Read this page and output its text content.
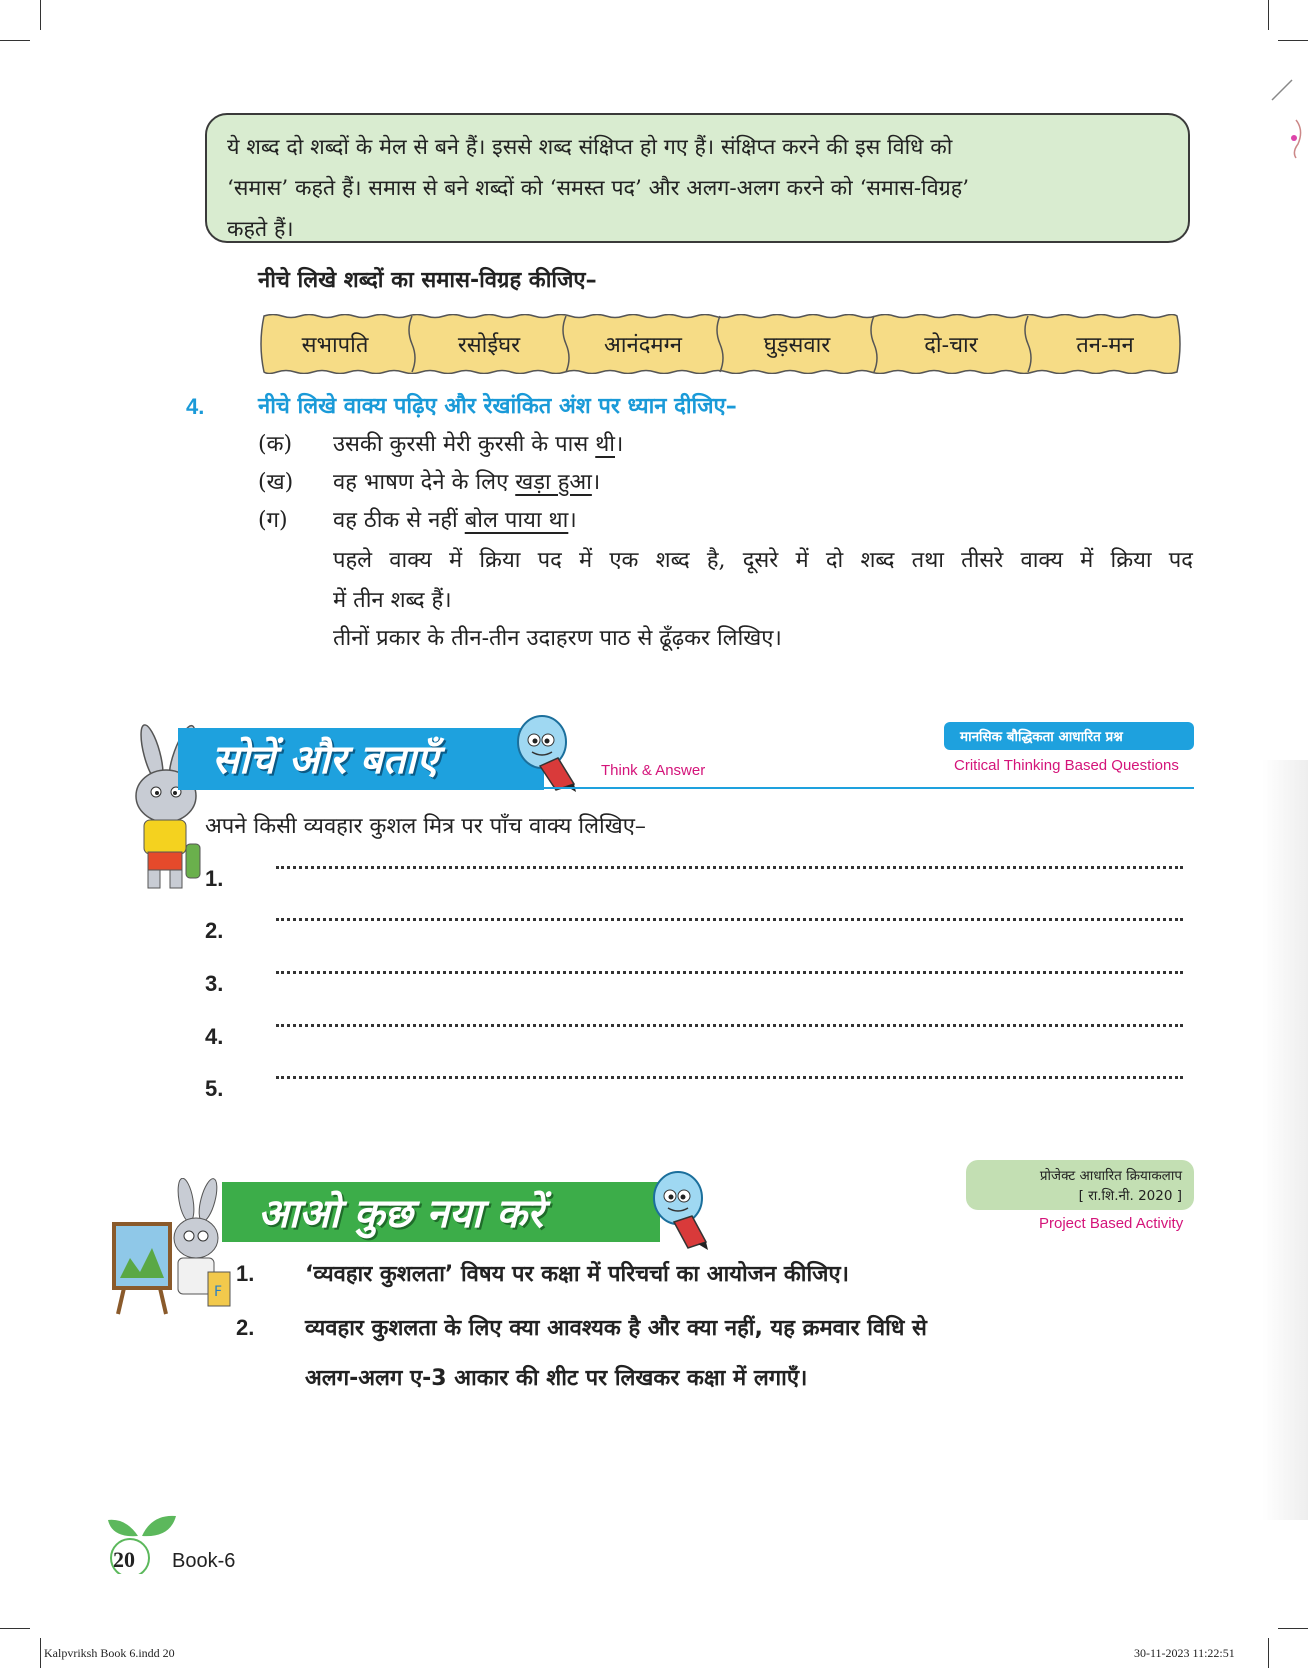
ये शब्द दो शब्दों के मेल से बने हैं। इससे शब्द संक्षिप्त हो गए हैं। संक्षिप्त करने की इस विधि को
‘समास’ कहते हैं। समास से बने शब्दों को ‘समस्त पद’ और अलग-अलग करने को ‘समास-विग्रह’
कहते हैं।
नीचे लिखे शब्दों का समास-विग्रह कीजिए–
सभापति	रसोईघर	आनंदमग्न	घुड़सवार	दो-चार	तन-मन
4. नीचे लिखे वाक्य पढ़िए और रेखांकित अंश पर ध्यान दीजिए–
(क) उसकी कुरसी मेरी कुरसी के पास थी।
(ख) वह भाषण देने के लिए खड़ा हुआ।
(ग) वह ठीक से नहीं बोल पाया था।
पहले वाक्य में क्रिया पद में एक शब्द है, दूसरे में दो शब्द तथा तीसरे वाक्य में क्रिया पद
में तीन शब्द हैं।
तीनों प्रकार के तीन-तीन उदाहरण पाठ से ढूँढ़कर लिखिए।
सोचें और बताएँ	Think & Answer
मानसिक बौद्धिकता आधारित प्रश्न
Critical Thinking Based Questions
अपने किसी व्यवहार कुशल मित्र पर पाँच वाक्य लिखिए–
1.
2.
3.
4.
5.
F
आओ कुछ नया करें
प्रोजेक्ट आधारित क्रियाकलाप
[ रा.शि.नी. 2020 ]
Project Based Activity
1. ‘व्यवहार कुशलता’ विषय पर कक्षा में परिचर्चा का आयोजन कीजिए।
2. व्यवहार कुशलता के लिए क्या आवश्यक है और क्या नहीं, यह क्रमवार विधि से
अलग-अलग ए-3 आकार की शीट पर लिखकर कक्षा में लगाएँ।
20 Book-6
Kalpvriksh Book 6.indd 20	30-11-2023 11:22:51
